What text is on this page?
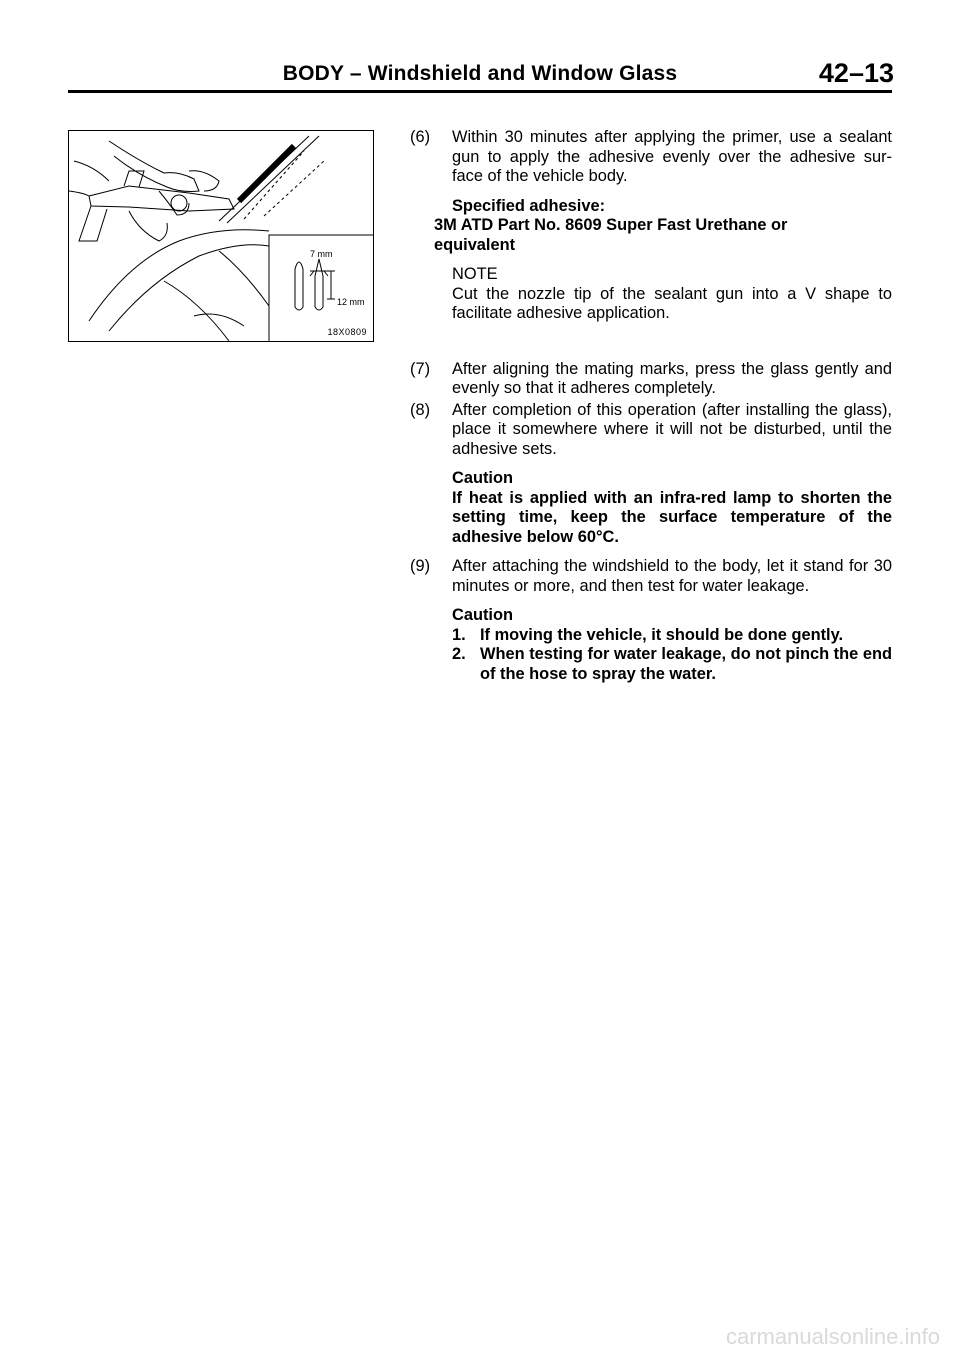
BODY – Windshield and Window Glass	42–13
7 mm
12 mm
18X0809
(6)	Within 30 minutes after applying the primer, use a sealant gun to apply the adhesive evenly over the adhesive sur- face of the vehicle body.
Specified adhesive:
3M ATD Part No. 8609 Super Fast Urethane or
equivalent
NOTE
Cut the nozzle tip of the sealant gun into a V shape to facilitate adhesive application.
(7)	After aligning the mating marks, press the glass gently and evenly so that it adheres completely.
(8)	After completion of this operation (after installing the glass), place it somewhere where it will not be disturbed, until the adhesive sets.
Caution
If heat is applied with an infra-red lamp to shorten the setting time, keep the surface temperature of the adhesive below 60°C.
(9)	After attaching the windshield to the body, let it stand for 30 minutes or more, and then test for water leakage.
Caution
1. If moving the vehicle, it should be done gently.
2. When testing for water leakage, do not pinch the end of the hose to spray the water.
carmanualsonline.info
